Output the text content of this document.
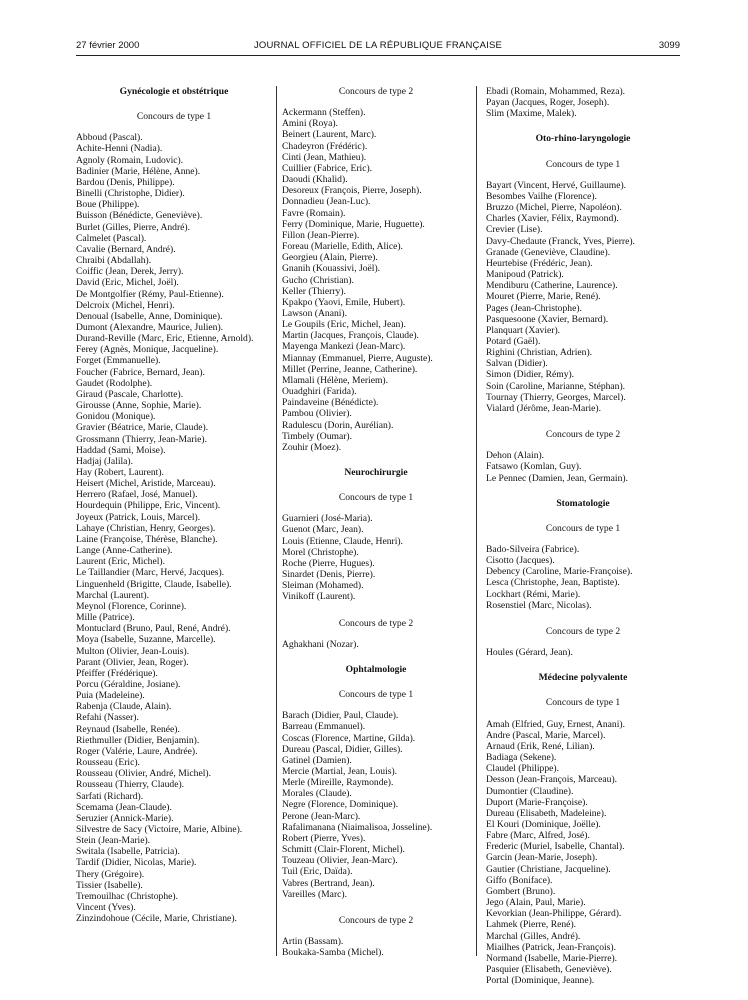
27 février 2000	JOURNAL OFFICIEL DE LA RÉPUBLIQUE FRANÇAISE	3099
Gynécologie et obstétrique
Concours de type 1
Abboud (Pascal).
Achite-Henni (Nadia).
Agnoly (Romain, Ludovic).
Badinier (Marie, Hélène, Anne).
Bardou (Denis, Philippe).
Binelli (Christophe, Didier).
Boue (Philippe).
Buisson (Bénédicte, Geneviève).
Burlet (Gilles, Pierre, André).
Calmelet (Pascal).
Cavalie (Bernard, André).
Chraibi (Abdallah).
Coiffic (Jean, Derek, Jerry).
David (Eric, Michel, Joël).
De Montgolfier (Rémy, Paul-Etienne).
Delcroix (Michel, Henri).
Denoual (Isabelle, Anne, Dominique).
Dumont (Alexandre, Maurice, Julien).
Durand-Reville (Marc, Eric, Etienne, Arnold).
Ferey (Agnès, Monique, Jacqueline).
Forget (Emmanuelle).
Foucher (Fabrice, Bernard, Jean).
Gaudet (Rodolphe).
Giraud (Pascale, Charlotte).
Girousse (Anne, Sophie, Marie).
Gonidou (Monique).
Gravier (Béatrice, Marie, Claude).
Grossmann (Thierry, Jean-Marie).
Haddad (Sami, Moise).
Hadjaj (Jalila).
Hay (Robert, Laurent).
Heisert (Michel, Aristide, Marceau).
Herrero (Rafael, José, Manuel).
Hourdequin (Philippe, Eric, Vincent).
Joyeux (Patrick, Louis, Marcel).
Lahaye (Christian, Henry, Georges).
Laine (Françoise, Thérèse, Blanche).
Lange (Anne-Catherine).
Laurent (Eric, Michel).
Le Taillandier (Marc, Hervé, Jacques).
Linguenheld (Brigitte, Claude, Isabelle).
Marchal (Laurent).
Meynol (Florence, Corinne).
Mille (Patrice).
Montuclard (Bruno, Paul, René, André).
Moya (Isabelle, Suzanne, Marcelle).
Multon (Olivier, Jean-Louis).
Parant (Olivier, Jean, Roger).
Pfeiffer (Frédérique).
Porcu (Géraldine, Josiane).
Puia (Madeleine).
Rabenja (Claude, Alain).
Refahi (Nasser).
Reynaud (Isabelle, Renée).
Riethmuller (Didier, Benjamin).
Roger (Valérie, Laure, Andrée).
Rousseau (Eric).
Rousseau (Olivier, André, Michel).
Rousseau (Thierry, Claude).
Sarfati (Richard).
Scemama (Jean-Claude).
Seruzier (Annick-Marie).
Silvestre de Sacy (Victoire, Marie, Albine).
Stein (Jean-Marie).
Switala (Isabelle, Patricia).
Tardif (Didier, Nicolas, Marie).
Thery (Grégoire).
Tissier (Isabelle).
Tremouilhac (Christophe).
Vincent (Yves).
Zinzindohoue (Cécile, Marie, Christiane).
Concours de type 2
Ackermann (Steffen).
Amini (Roya).
Beinert (Laurent, Marc).
Chadeyron (Frédéric).
Cinti (Jean, Mathieu).
Cuillier (Fabrice, Eric).
Daoudi (Khalid).
Desoreux (François, Pierre, Joseph).
Donnadieu (Jean-Luc).
Favre (Romain).
Ferry (Dominique, Marie, Huguette).
Fillon (Jean-Pierre).
Foreau (Marielle, Edith, Alice).
Georgieu (Alain, Pierre).
Gnanih (Kouassivi, Joël).
Gucho (Christian).
Keller (Thierry).
Kpakpo (Yaovi, Emile, Hubert).
Lawson (Anani).
Le Goupils (Eric, Michel, Jean).
Martin (Jacques, François, Claude).
Mayenga Mankezi (Jean-Marc).
Miannay (Emmanuel, Pierre, Auguste).
Millet (Perrine, Jeanne, Catherine).
Mlamali (Hélène, Meriem).
Ouadghiri (Farida).
Paindaveine (Bénédicte).
Pambou (Olivier).
Radulescu (Dorin, Aurélian).
Timbely (Oumar).
Zouhir (Moez).
Neurochirurgie
Concours de type 1
Guarnieri (José-Maria).
Guenot (Marc, Jean).
Louis (Etienne, Claude, Henri).
Morel (Christophe).
Roche (Pierre, Hugues).
Sinardet (Denis, Pierre).
Sleiman (Mohamed).
Vinikoff (Laurent).
Concours de type 2
Aghakhani (Nozar).
Ophtalmologie
Concours de type 1
Barach (Didier, Paul, Claude).
Barreau (Emmanuel).
Coscas (Florence, Martine, Gilda).
Dureau (Pascal, Didier, Gilles).
Gatinel (Damien).
Mercie (Martial, Jean, Louis).
Merle (Mireille, Raymonde).
Morales (Claude).
Negre (Florence, Dominique).
Perone (Jean-Marc).
Rafalimanana (Niaimalisoa, Josseline).
Robert (Pierre, Yves).
Schmitt (Clair-Florent, Michel).
Touzeau (Olivier, Jean-Marc).
Tuil (Eric, Daïda).
Vabres (Bertrand, Jean).
Vareilles (Marc).
Concours de type 2
Artin (Bassam).
Boukaka-Samba (Michel).
Ebadi (Romain, Mohammed, Reza).
Payan (Jacques, Roger, Joseph).
Slim (Maxime, Malek).
Oto-rhino-laryngologie
Concours de type 1
Bayart (Vincent, Hervé, Guillaume).
Besombes Vailhe (Florence).
Bruzzo (Michel, Pierre, Napoléon).
Charles (Xavier, Félix, Raymond).
Crevier (Lise).
Davy-Chedaute (Franck, Yves, Pierre).
Granade (Geneviève, Claudine).
Heurtebise (Frédéric, Jean).
Manipoud (Patrick).
Mendiburu (Catherine, Laurence).
Mouret (Pierre, Marie, René).
Pages (Jean-Christophe).
Pasquesoone (Xavier, Bernard).
Planquart (Xavier).
Potard (Gaël).
Righini (Christian, Adrien).
Salvan (Didier).
Simon (Didier, Rémy).
Soin (Caroline, Marianne, Stéphan).
Tournay (Thierry, Georges, Marcel).
Vialard (Jérôme, Jean-Marie).
Concours de type 2
Dehon (Alain).
Fatsawo (Komlan, Guy).
Le Pennec (Damien, Jean, Germain).
Stomatologie
Concours de type 1
Bado-Silveira (Fabrice).
Cisotto (Jacques).
Debency (Caroline, Marie-Françoise).
Lesca (Christophe, Jean, Baptiste).
Lockhart (Rémi, Marie).
Rosenstiel (Marc, Nicolas).
Concours de type 2
Houles (Gérard, Jean).
Médecine polyvalente
Concours de type 1
Amah (Elfried, Guy, Ernest, Anani).
Andre (Pascal, Marie, Marcel).
Arnaud (Erik, René, Lilian).
Badiaga (Sekene).
Claudel (Philippe).
Desson (Jean-François, Marceau).
Dumontier (Claudine).
Duport (Marie-Françoise).
Dureau (Elisabeth, Madeleine).
El Kouri (Dominique, Joëlle).
Fabre (Marc, Alfred, José).
Frederic (Muriel, Isabelle, Chantal).
Garcin (Jean-Marie, Joseph).
Gautier (Christiane, Jacqueline).
Giffo (Boniface).
Gombert (Bruno).
Jego (Alain, Paul, Marie).
Kevorkian (Jean-Philippe, Gérard).
Lahmek (Pierre, René).
Marchal (Gilles, André).
Miailhes (Patrick, Jean-François).
Normand (Isabelle, Marie-Pierre).
Pasquier (Elisabeth, Geneviève).
Portal (Dominique, Jeanne).
